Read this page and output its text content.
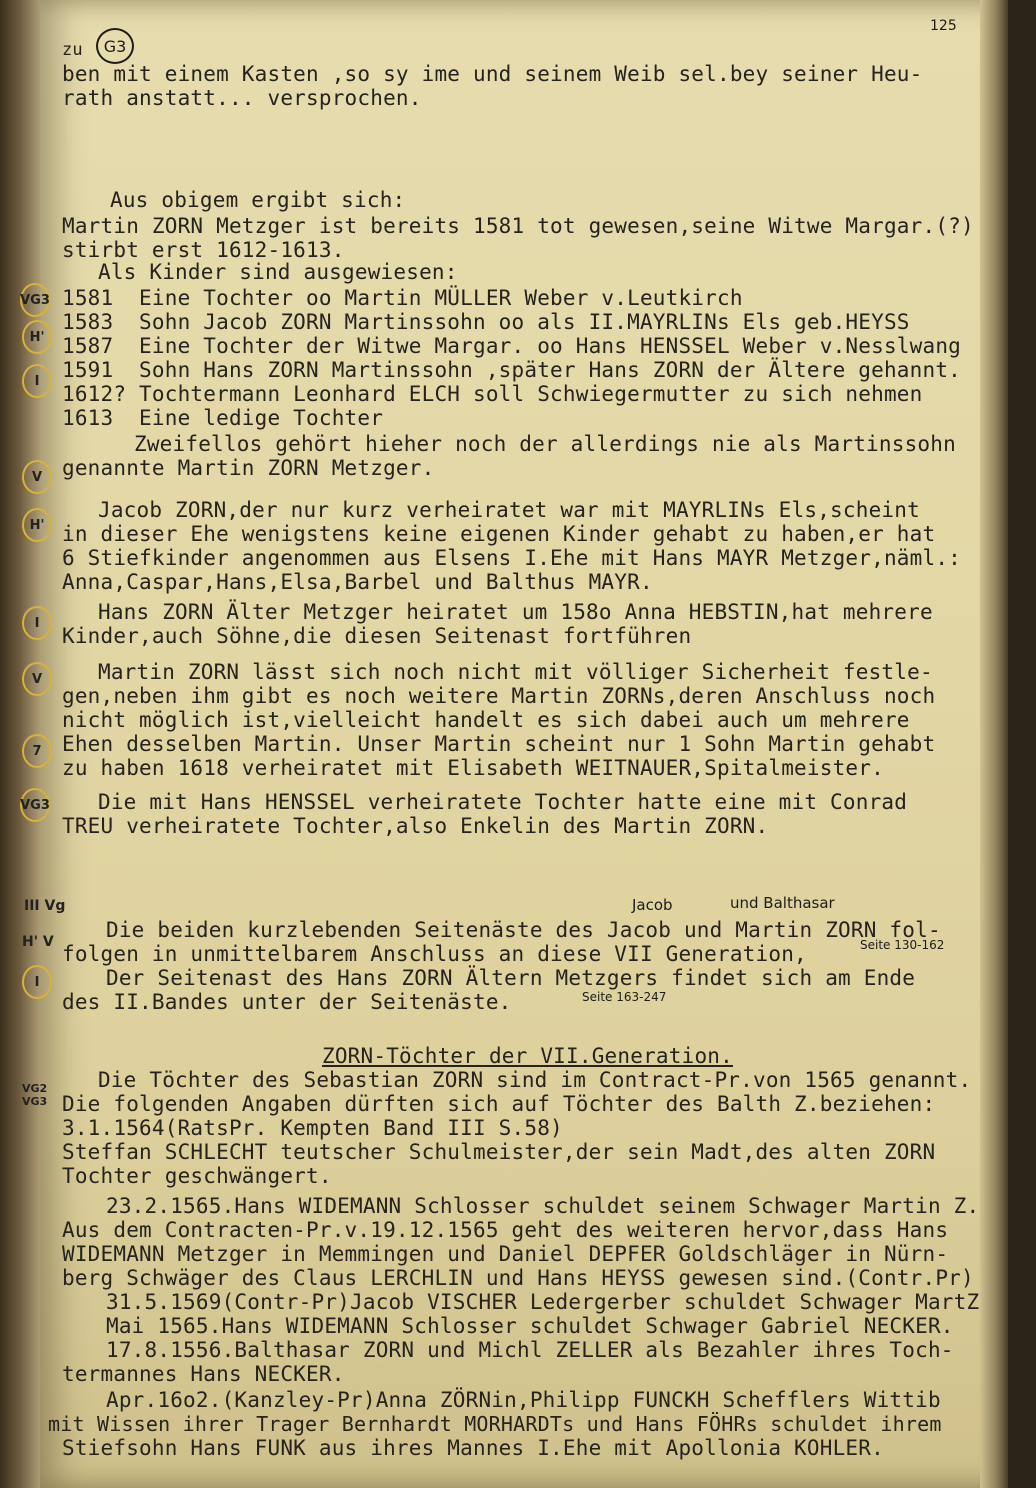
zu	G3
125
VG3
H'
I
V
H'
I
V
7
VG3
III Vg
H' V
I
VG2 VG3
ben mit einem Kasten ,so sy ime und seinem Weib sel.bey seiner Heu-
rath anstatt... versprochen.
Aus obigem ergibt sich:
Martin ZORN Metzger ist bereits 1581 tot gewesen,seine Witwe Margar.(?)
stirbt erst 1612-1613.
Als Kinder sind ausgewiesen:
1581  Eine Tochter oo Martin MÜLLER Weber v.Leutkirch
1583  Sohn Jacob ZORN Martinssohn oo als II.MAYRLINs Els geb.HEYSS
1587  Eine Tochter der Witwe Margar. oo Hans HENSSEL Weber v.Nesslwang
1591  Sohn Hans ZORN Martinssohn ,später Hans ZORN der Ältere gehannt.
1612? Tochtermann Leonhard ELCH soll Schwiegermutter zu sich nehmen
1613  Eine ledige Tochter
Zweifellos gehört hieher noch der allerdings nie als Martinssohn
genannte Martin ZORN Metzger.
Jacob ZORN,der nur kurz verheiratet war mit MAYRLINs Els,scheint
in dieser Ehe wenigstens keine eigenen Kinder gehabt zu haben,er hat
6 Stiefkinder angenommen aus Elsens I.Ehe mit Hans MAYR Metzger,näml.:
Anna,Caspar,Hans,Elsa,Barbel und Balthus MAYR.
Hans ZORN Älter Metzger heiratet um 158o Anna HEBSTIN,hat mehrere
Kinder,auch Söhne,die diesen Seitenast fortführen
Martin ZORN lässt sich noch nicht mit völliger Sicherheit festle-
gen,neben ihm gibt es noch weitere Martin ZORNs,deren Anschluss noch
nicht möglich ist,vielleicht handelt es sich dabei auch um mehrere
Ehen desselben Martin. Unser Martin scheint nur 1 Sohn Martin gehabt
zu haben 1618 verheiratet mit Elisabeth WEITNAUER,Spitalmeister.
Die mit Hans HENSSEL verheiratete Tochter hatte eine mit Conrad
TREU verheiratete Tochter,also Enkelin des Martin ZORN.
Jacob	und Balthasar
Seite 130-162
Seite 163-247
Die beiden kurzlebenden Seitenäste des Jacob und Martin ZORN fol-
folgen in unmittelbarem Anschluss an diese VII Generation,
Der Seitenast des Hans ZORN Ältern Metzgers findet sich am Ende
des II.Bandes unter der Seitenäste.
ZORN-Töchter der VII.Generation.
Die Töchter des Sebastian ZORN sind im Contract-Pr.von 1565 genannt.
Die folgenden Angaben dürften sich auf Töchter des Balth Z.beziehen:
3.1.1564(RatsPr. Kempten Band III S.58)
Steffan SCHLECHT teutscher Schulmeister,der sein Madt,des alten ZORN
Tochter geschwängert.
23.2.1565.Hans WIDEMANN Schlosser schuldet seinem Schwager Martin Z.
Aus dem Contracten-Pr.v.19.12.1565 geht des weiteren hervor,dass Hans
WIDEMANN Metzger in Memmingen und Daniel DEPFER Goldschläger in Nürn-
berg Schwäger des Claus LERCHLIN und Hans HEYSS gewesen sind.(Contr.Pr)
31.5.1569(Contr-Pr)Jacob VISCHER Ledergerber schuldet Schwager MartZ
Mai 1565.Hans WIDEMANN Schlosser schuldet Schwager Gabriel NECKER.
17.8.1556.Balthasar ZORN und Michl ZELLER als Bezahler ihres Toch-
termannes Hans NECKER.
Apr.16o2.(Kanzley-Pr)Anna ZÖRNin,Philipp FUNCKH Schefflers Wittib
mit Wissen ihrer Trager Bernhardt MORHARDTs und Hans FÖHRs schuldet ihrem
Stiefsohn Hans FUNK aus ihres Mannes I.Ehe mit Apollonia KOHLER.
